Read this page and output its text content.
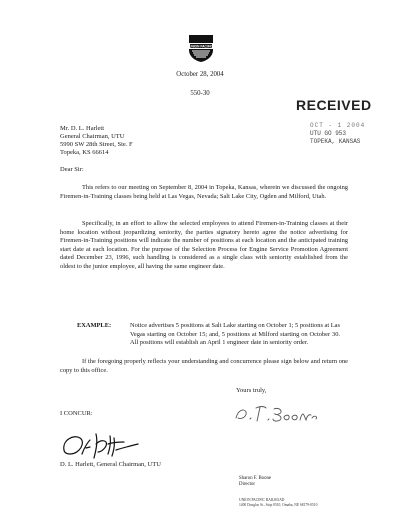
UNION PACIFIC
October 28, 2004
550-30
RECEIVED
OCT - 1 2004
UTU GO 953
TOPEKA, KANSAS
Mr. D. L. Harlett
General Chairman, UTU
5990 SW 28th Street, Ste. F
Topeka, KS 66614
Dear Sir:
This refers to our meeting on September 8, 2004 in Topeka, Kansas, wherein we discussed the ongoing Firemen-in-Training classes being held at Las Vegas, Nevada; Salt Lake City, Ogden and Milford, Utah.
Specifically, in an effort to allow the selected employees to attend Firemen-in-Training classes at their home location without jeopardizing seniority, the parties signatory hereto agree the notice advertising for Firemen-in-Training positions will indicate the number of positions at each location and the anticipated training start date at each location. For the purpose of the Selection Process for Engine Service Promotion Agreement dated December 23, 1996, such handling is considered as a single class with seniority established from the oldest to the junior employee, all having the same engineer date.
EXAMPLE:	Notice advertises 5 positions at Salt Lake starting on October 1; 5 positions at Las Vegas starting on October 15; and, 5 positions at Milford starting on October 30. All positions will establish an April 1 engineer date in seniority order.
If the foregoing properly reflects your understanding and concurrence please sign below and return one copy to this office.
Yours truly,
I CONCUR:
D. L. Harlett, General Chairman, UTU
Sharon F. Boone
Director
UNION PACIFIC RAILROAD
1400 Douglas St., Stop 0510, Omaha, NE 68179-0510
